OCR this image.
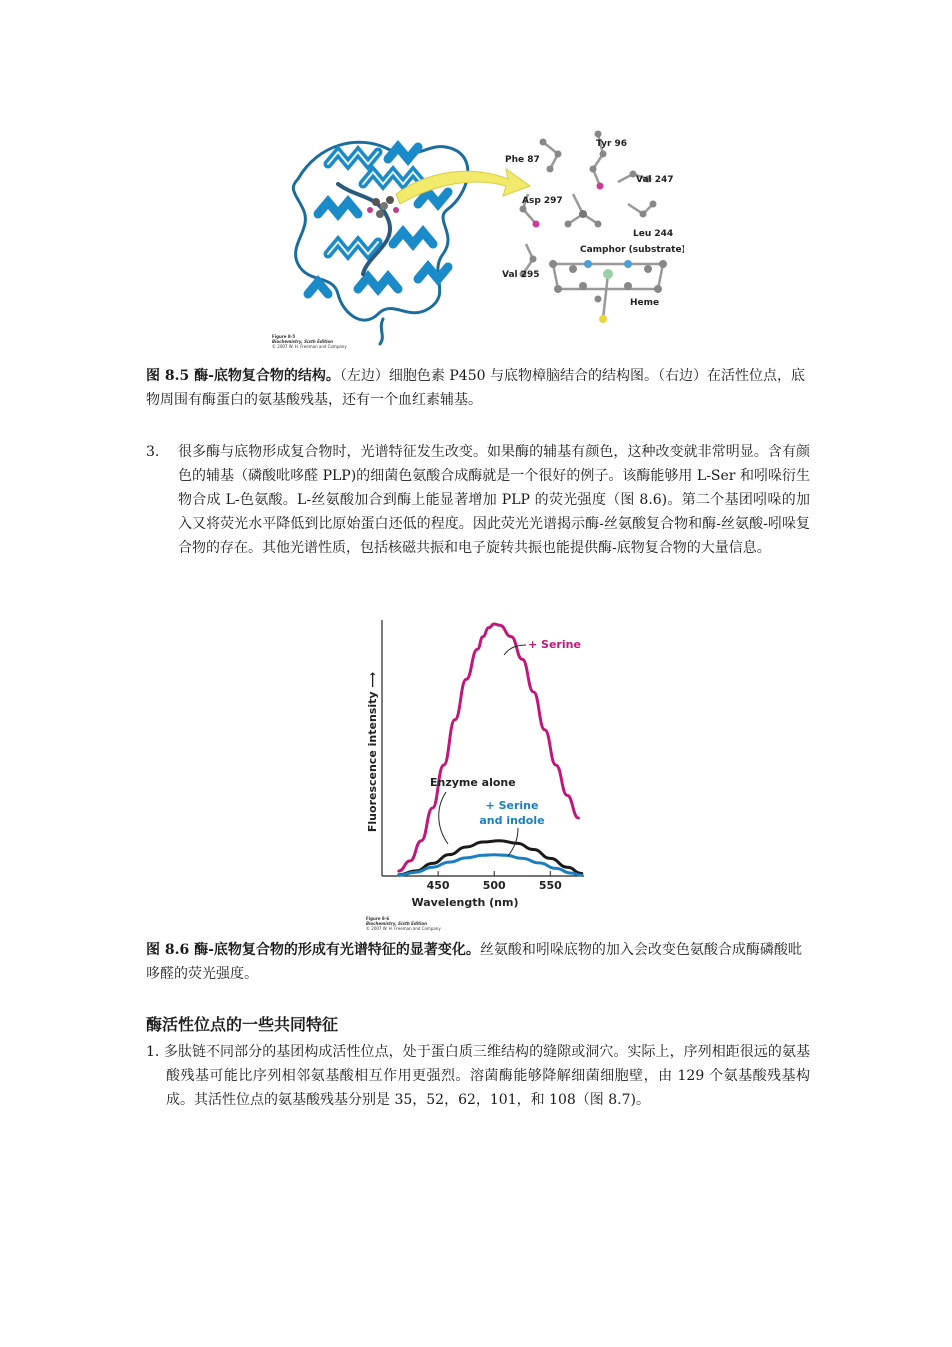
Tyr 96
Phe 87
Val 247
Asp 297
Leu 244
Camphor (substrate)
Val 295
Heme
Figure 8-5
Biochemistry, Sixth Edition
© 2007 W. H. Freeman and Company
图 8.5 酶-底物复合物的结构。（左边）细胞色素 P450 与底物樟脑结合的结构图。（右边）在活性位点，底物周围有酶蛋白的氨基酸残基，还有一个血红素辅基。
3. 很多酶与底物形成复合物时，光谱特征发生改变。如果酶的辅基有颜色，这种改变就非常明显。含有颜色的辅基（磷酸吡哆醛 PLP)的细菌色氨酸合成酶就是一个很好的例子。该酶能够用 L-Ser 和吲哚衍生物合成 L-色氨酸。L-丝氨酸加合到酶上能显著增加 PLP 的荧光强度（图 8.6)。第二个基团吲哚的加入又将荧光水平降低到比原始蛋白还低的程度。因此荧光光谱揭示酶-丝氨酸复合物和酶-丝氨酸-吲哚复合物的存在。其他光谱性质，包括核磁共振和电子旋转共振也能提供酶-底物复合物的大量信息。
450	500	550
Wavelength (nm)
Fluorescence intensity ⟶
+ Serine
Enzyme alone
+ Serine
and indole
Figure 8-6
Biochemistry, Sixth Edition
© 2007 W. H. Freeman and Company
图 8.6 酶-底物复合物的形成有光谱特征的显著变化。丝氨酸和吲哚底物的加入会改变色氨酸合成酶磷酸吡哆醛的荧光强度。
酶活性位点的一些共同特征
1. 多肽链不同部分的基团构成活性位点，处于蛋白质三维结构的缝隙或洞穴。实际上，序列相距很远的氨基酸残基可能比序列相邻氨基酸相互作用更强烈。溶菌酶能够降解细菌细胞壁，由 129 个氨基酸残基构成。其活性位点的氨基酸残基分别是 35，52，62，101，和 108（图 8.7)。
